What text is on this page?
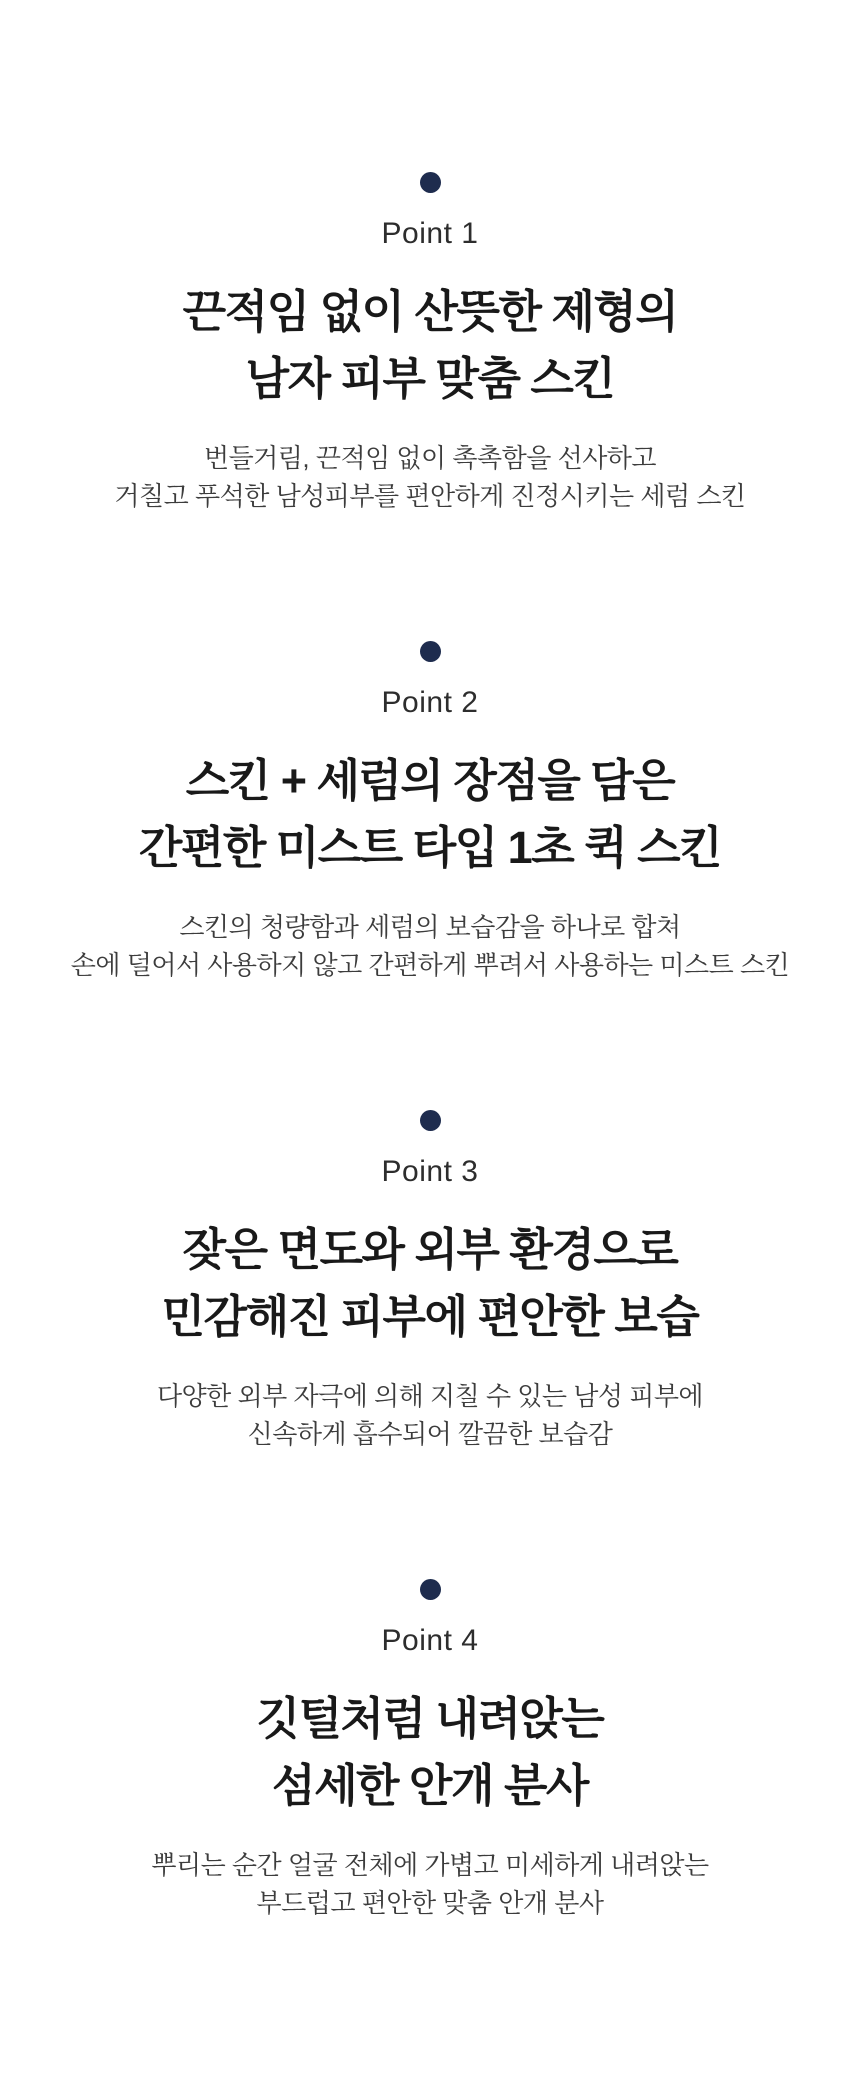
Point 1
끈적임 없이 산뜻한 제형의
남자 피부 맞춤 스킨
번들거림, 끈적임 없이 촉촉함을 선사하고
거칠고 푸석한 남성피부를 편안하게 진정시키는 세럼 스킨
Point 2
스킨 + 세럼의 장점을 담은
간편한 미스트 타입 1초 퀵 스킨
스킨의 청량함과 세럼의 보습감을 하나로 합쳐
손에 덜어서 사용하지 않고 간편하게 뿌려서 사용하는 미스트 스킨
Point 3
잦은 면도와 외부 환경으로
민감해진 피부에 편안한 보습
다양한 외부 자극에 의해 지칠 수 있는 남성 피부에
신속하게 흡수되어 깔끔한 보습감
Point 4
깃털처럼 내려앉는
섬세한 안개 분사
뿌리는 순간 얼굴 전체에 가볍고 미세하게 내려앉는
부드럽고 편안한 맞춤 안개 분사
